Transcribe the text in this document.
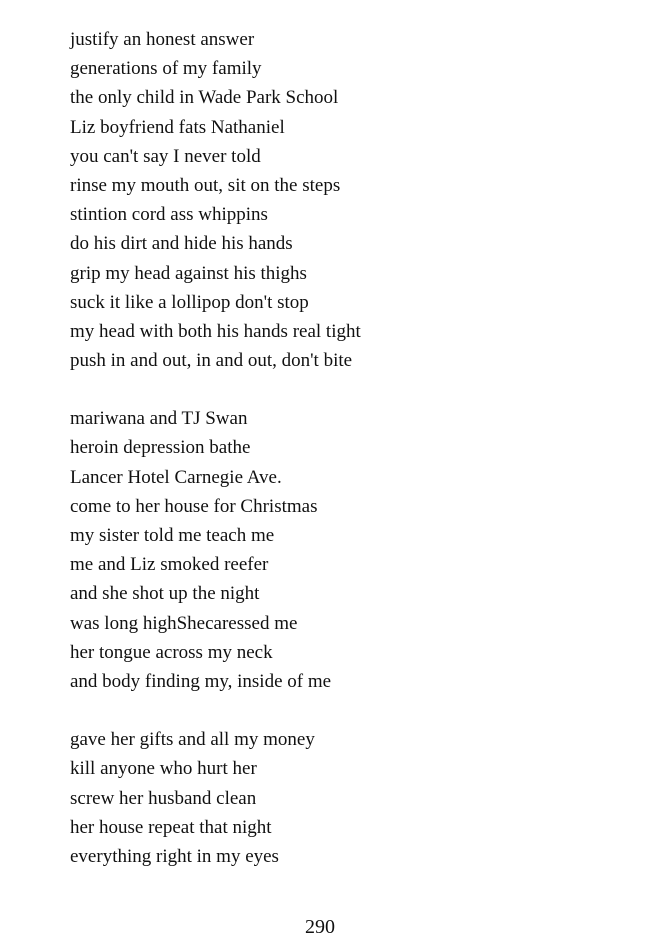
justify an honest answer
generations of my family
the only child in Wade Park School
Liz boyfriend fats Nathaniel
you can't say I never told
rinse my mouth out, sit on the steps
stintion cord ass whippins
do his dirt and hide his hands
grip my head against his thighs
suck it like a lollipop don't stop
my head with both his hands real tight
push in and out, in and out, don't bite
mariwana and TJ Swan
heroin depression bathe
Lancer Hotel Carnegie Ave.
come to her house for Christmas
my sister told me teach me
me and Liz smoked reefer
and she shot up the night
was long highShecaressed me
her tongue across my neck
and body finding my, inside of me
gave her gifts and all my money
kill anyone who hurt her
screw her husband clean
her house repeat that night
everything right in my eyes
290
